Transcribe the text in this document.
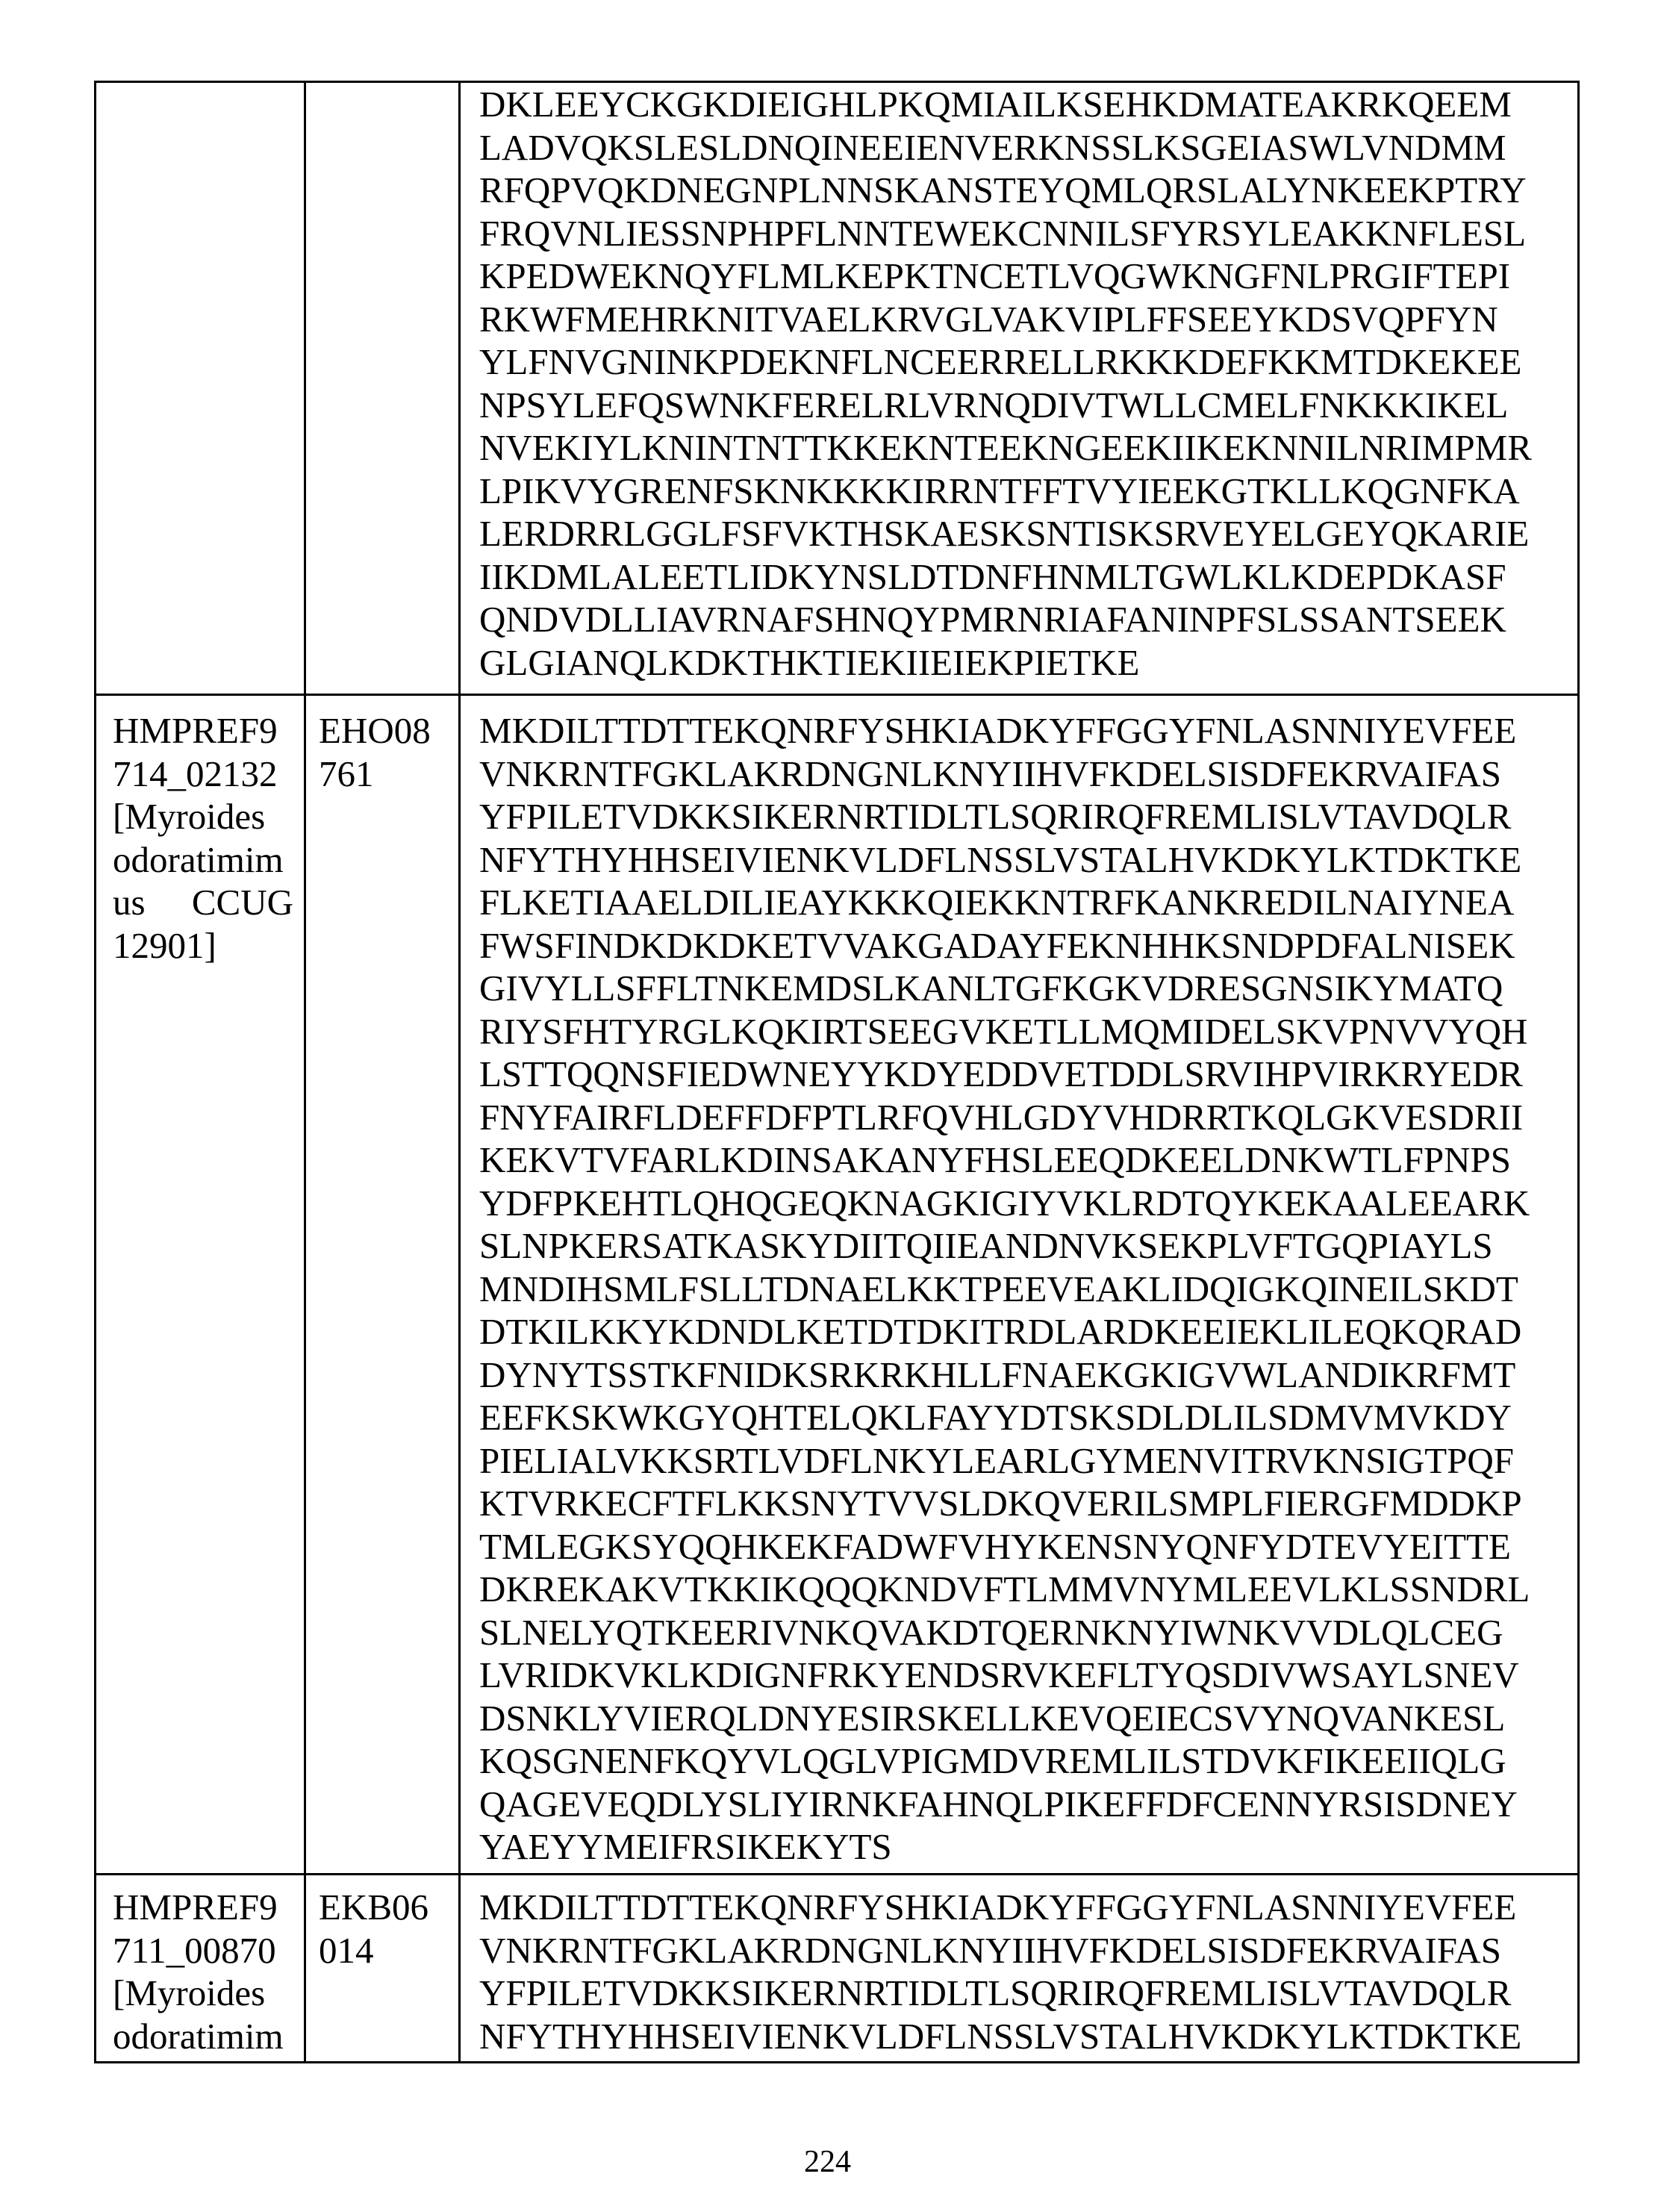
DKLEEYCKGKDIEIGHLPKQMIAILKSEHKDMATEAKRKQEEM
LADVQKSLESLDNQINEEIENVERKNSSLKSGEIASWLVNDMM
RFQPVQKDNEGNPLNNSKANSTEYQMLQRSLALYNKEEKPTRY
FRQVNLIESSNPHPFLNNTEWEKCNNILSFYRSYLEAKKNFLESL
KPEDWEKNQYFLMLKEPKTNCETLVQGWKNGFNLPRGIFTEPI
RKWFMEHRKNITVAELKRVGLVAKVIPLFFSEEYKDSVQPFYN
YLFNVGNINKPDEKNFLNCEERRELLRKKKDEFKKMTDKEKEE
NPSYLEFQSWNKFERELRLVRNQDIVTWLLCMELFNKKKIKEL
NVEKIYLKNINTNTTKKEKNTEEKNGEEKIIKEKNNILNRIMPMR
LPIKVYGRENFSKNKKKKIRRNTFFTVYIEEKGTKLLKQGNFKA
LERDRRLGGLFSFVKTHSKAESKSNTISKSRVEYELGEYQKARIE
IIKDMLALEETLIDKYNSLDTDNFHNMLTGWLKLKDEPDKASF
QNDVDLLIAVRNAFSHNQYPMRNRIAFANINPFSLSSANTSEEK
GLGIANQLKDKTHKTIEKIIEIEKPIETKE

HMPREF9
714_02132
[Myroides
odoratimim
us CCUG
12901]

EHO08
761

MKDILTTDTTEKQNRFYSHKIADKYFFGGYFNLASNNIYEVFEE
VNKRNTFGKLAKRDNGNLKNYIIHVFKDELSISDFEKRVAIFAS
YFPILETVDKKSIKERNRTIDLTLSQRIRQFREMLISLVTAVDQLR
NFYTHYHHSEIVIENKVLDFLNSSLVSTALHVKDKYLKTDKTKE
FLKETIAAELDILIEAYKKKQIEKKNTRFKANKREDILNAIYNEA
FWSFINDKDKDKETVVAKGADAYFEKNHHKSNDPDFALNISEK
GIVYLLSFFLTNKEMDSLKANLTGFKGKVDRESGNSIKYMATQ
RIYSFHTYRGLKQKIRTSEEGVKETLLMQMIDELSKVPNVVYQH
LSTTQQNSFIEDWNEYYKDYEDDVETDDLSRVIHPVIRKRYEDR
FNYFAIRFLDEFFDFPTLRFQVHLGDYVHDRRTKQLGKVESDRII
KEKVTVFARLKDINSAKANYFHSLEEQDKEELDNKWTLFPNPS
YDFPKEHTLQHQGEQKNAGKIGIYVKLRDTQYKEKAALEEARK
SLNPKERSATKASKYDIITQIIEANDNVKSEKPLVFTGQPIAYLS
MNDIHSMLFSLLTDNAELKKTPEEVEAKLIDQIGKQINEILSKDT
DTKILKKYKDNDLKETDTDKITRDLARDKEEIEKLILEQKQRAD
DYNYTSSTKFNIDKSRKRKHLLFNAEKGKIGVWLANDIKRFMT
EEFKSKWKGYQHTELQKLFAYYDTSKSDLDLILSDMVMVKDY
PIELIALVKKSRTLVDFLNKYLEARLGYMENVITRVKNSIGTPQF
KTVRKECFTFLKKSNYTVVSLDKQVERILSMPLFIERGFMDDKP
TMLEGKSYQQHKEKFADWFVHYKENSNYQNFYDTEVYEITTE
DKREKAKVTKKIKQQQKNDVFTLMMVNYMLEEVLKLSSNDRL
SLNELYQTKEERIVNKQVAKDTQERNKNYIWNKVVDLQLCEG
LVRIDKVKLKDIGNFRKYENDSRVKEFLTYQSDIVWSAYLSNEV
DSNKLYVIERQLDNYESIRSKELLKEVQEIECSVYNQVANKESL
KQSGNENFKQYVLQGLVPIGMDVREMLILSTDVKFIKEEIIQLG
QAGEVEQDLYSLIYIRNKFAHNQLPIKEFFDFCENNYRSISDNEY
YAEYYMEIFRSIKEKYTS

HMPREF9
711_00870
[Myroides
odoratimim

EKB06
014

MKDILTTDTTEKQNRFYSHKIADKYFFGGYFNLASNNIYEVFEE
VNKRNTFGKLAKRDNGNLKNYIIHVFKDELSISDFEKRVAIFAS
YFPILETVDKKSIKERNRTIDLTLSQRIRQFREMLISLVTAVDQLR
NFYTHYHHSEIVIENKVLDFLNSSLVSTALHVKDKYLKTDKTKE
224
